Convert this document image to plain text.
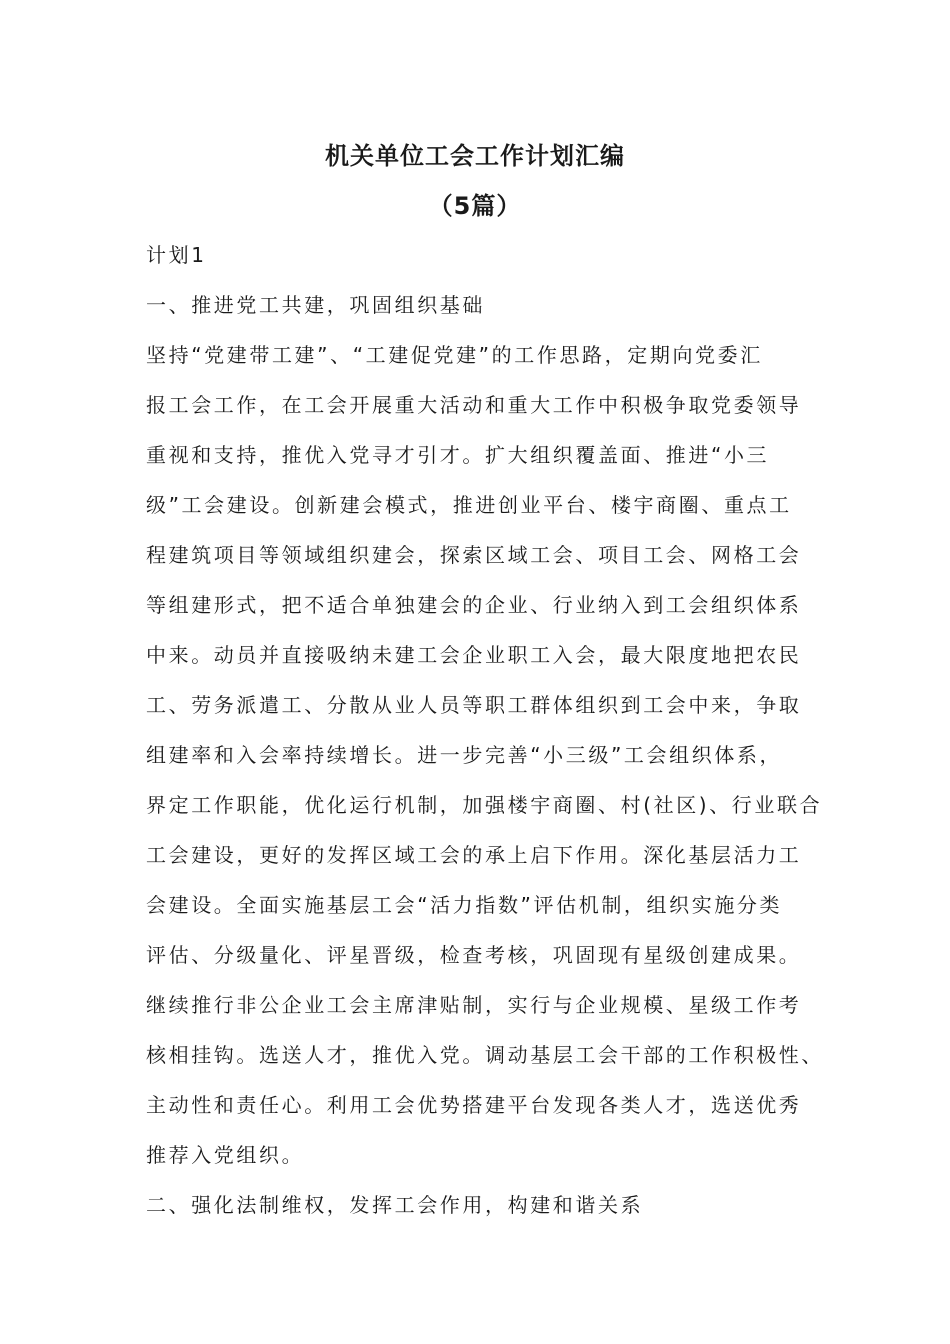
机关单位工会工作计划汇编
（5篇）

计划1

一、推进党工共建，巩固组织基础

坚持“党建带工建”、“工建促党建”的工作思路，定期向党委汇

报工会工作，在工会开展重大活动和重大工作中积极争取党委领导

重视和支持，推优入党寻才引才。扩大组织覆盖面、推进“小三

级”工会建设。创新建会模式，推进创业平台、楼宇商圈、重点工

程建筑项目等领域组织建会，探索区域工会、项目工会、网格工会

等组建形式，把不适合单独建会的企业、行业纳入到工会组织体系

中来。动员并直接吸纳未建工会企业职工入会，最大限度地把农民

工、劳务派遣工、分散从业人员等职工群体组织到工会中来，争取

组建率和入会率持续增长。进一步完善“小三级”工会组织体系，

界定工作职能，优化运行机制，加强楼宇商圈、村(社区)、行业联合

工会建设，更好的发挥区域工会的承上启下作用。深化基层活力工

会建设。全面实施基层工会“活力指数”评估机制，组织实施分类

评估、分级量化、评星晋级，检查考核，巩固现有星级创建成果。

继续推行非公企业工会主席津贴制，实行与企业规模、星级工作考

核相挂钩。选送人才，推优入党。调动基层工会干部的工作积极性、

主动性和责任心。利用工会优势搭建平台发现各类人才，选送优秀

推荐入党组织。

二、强化法制维权，发挥工会作用，构建和谐关系
